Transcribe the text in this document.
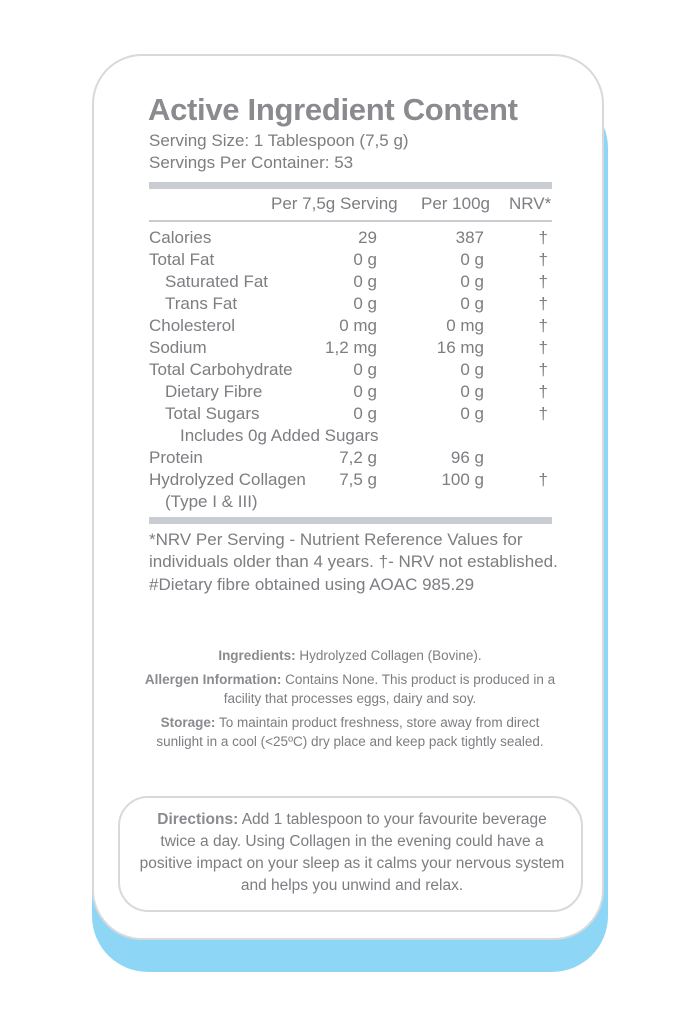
Active Ingredient Content
Serving Size: 1 Tablespoon (7,5 g)
Servings Per Container: 53
Per 7,5g Serving Per 100g NRV*
Calories	29	387	†
Total Fat	0 g	0 g	†
Saturated Fat	0 g	0 g	†
Trans Fat	0 g	0 g	†
Cholesterol	0 mg	0 mg	†
Sodium	1,2 mg	16 mg	†
Total Carbohydrate	0 g	0 g	†
Dietary Fibre	0 g	0 g	†
Total Sugars	0 g	0 g	†
Includes 0g Added Sugars
Protein	7,2 g	96 g
Hydrolyzed Collagen 7,5 g	100 g	†
(Type I & III)
*NRV Per Serving - Nutrient Reference Values for individuals older than 4 years. †- NRV not established. #Dietary fibre obtained using AOAC 985.29
Ingredients: Hydrolyzed Collagen (Bovine).
Allergen Information: Contains None. This product is produced in a facility that processes eggs, dairy and soy.
Storage: To maintain product freshness, store away from direct sunlight in a cool (<25ºC) dry place and keep pack tightly sealed.
Directions: Add 1 tablespoon to your favourite beverage twice a day. Using Collagen in the evening could have a positive impact on your sleep as it calms your nervous system and helps you unwind and relax.
